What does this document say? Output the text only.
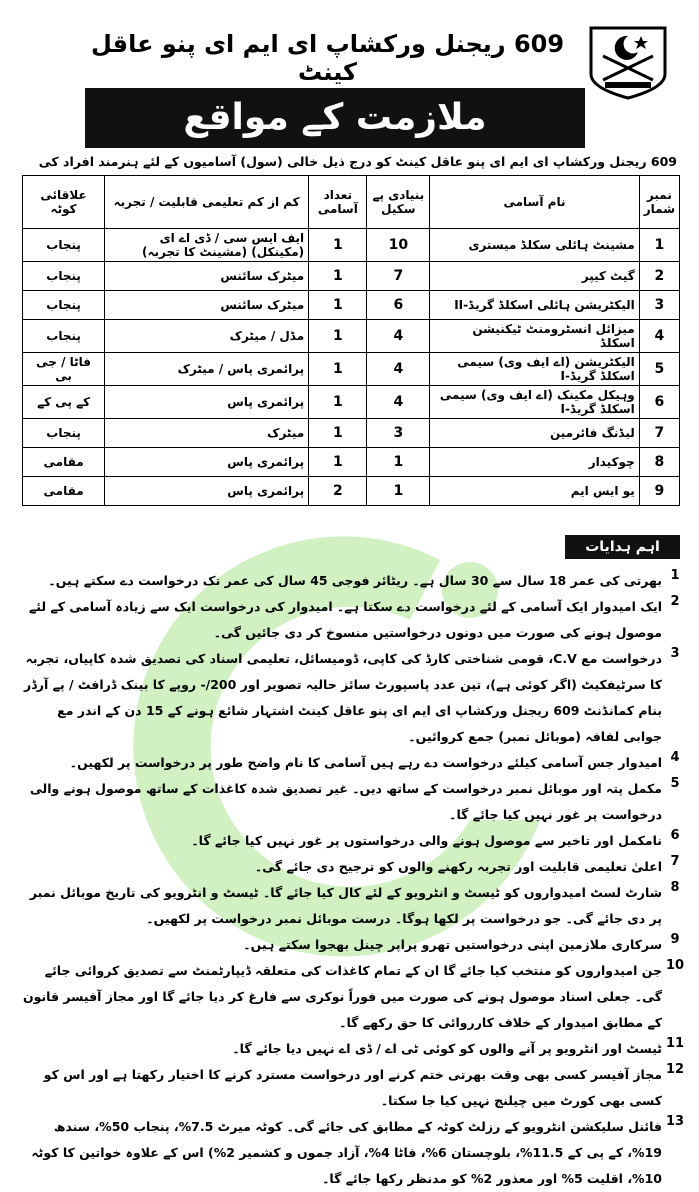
609 ریجنل ورکشاپ ای ایم ای پنو عاقل کینٹ
ملازمت کے مواقع
609 ریجنل ورکشاپ ای ایم ای پنو عاقل کینٹ کو درج ذیل خالی (سول) آسامیوں کے لئے ہنرمند افراد کی
نمبر شمار	نام آسامی	بنیادی پے سکیل	تعداد آسامی	کم از کم تعلیمی قابلیت / تجربہ	علاقائی کوٹہ
1	مشینٹ ہائلی سکلڈ میستری	10	1	ایف ایس سی / ڈی اے ای (مکینکل) (مشینٹ کا تجربہ)	پنجاب
2	گیٹ کیپر	7	1	میٹرک سائنس	پنجاب
3	الیکٹریشن ہائلی اسکلڈ گریڈ-II	6	1	میٹرک سائنس	پنجاب
4	میزائل انسٹرومنٹ ٹیکنیشن اسکلڈ	4	1	مڈل / میٹرک	پنجاب
5	الیکٹریشن (اے ایف وی) سیمی اسکلڈ گریڈ-I	4	1	پرائمری پاس / میٹرک	فاٹا / جی بی
6	وہیکل مکینک (اے ایف وی) سیمی اسکلڈ گریڈ-I	4	1	پرائمری پاس	کے پی کے
7	لیڈنگ فائرمین	3	1	میٹرک	پنجاب
8	چوکیدار	1	1	پرائمری پاس	مقامی
9	یو ایس ایم	1	2	پرائمری پاس	مقامی
اہم ہدایات
1
بھرتی کی عمر 18 سال سے 30 سال ہے۔ ریٹائر فوجی 45 سال کی عمر تک درخواست دے سکتے ہیں۔
2
ایک امیدوار ایک آسامی کے لئے درخواست دے سکتا ہے۔ امیدوار کی درخواست ایک سے زیادہ آسامی کے لئے موصول ہونے کی صورت میں دونوں درخواستیں منسوخ کر دی جائیں گی۔
3
درخواست مع C.V، قومی شناختی کارڈ کی کاپی، ڈومیسائل، تعلیمی اسناد کی تصدیق شدہ کاپیاں، تجربہ کا سرٹیفکیٹ (اگر کوئی ہے)، تین عدد پاسپورٹ سائز حالیہ تصویر اور 200/- روپے کا بینک ڈرافٹ / پے آرڈر بنام کمانڈنٹ 609 ریجنل ورکشاپ ای ایم ای پنو عاقل کینٹ اشتہار شائع ہونے کے 15 دن کے اندر مع جوابی لفافہ (موبائل نمبر) جمع کروائیں۔
4
امیدوار جس آسامی کیلئے درخواست دے رہے ہیں آسامی کا نام واضح طور پر درخواست پر لکھیں۔
5
مکمل پتہ اور موبائل نمبر درخواست کے ساتھ دیں۔ غیر تصدیق شدہ کاغذات کے ساتھ موصول ہونے والی درخواست پر غور نہیں کیا جائے گا۔
6
نامکمل اور تاخیر سے موصول ہونے والی درخواستوں پر غور نہیں کیا جائے گا۔
7
اعلیٰ تعلیمی قابلیت اور تجربہ رکھنے والوں کو ترجیح دی جائے گی۔
8
شارٹ لسٹ امیدواروں کو ٹیسٹ و انٹرویو کے لئے کال کیا جائے گا۔ ٹیسٹ و انٹرویو کی تاریخ موبائل نمبر پر دی جائے گی۔ جو درخواست پر لکھا ہوگا۔ درست موبائل نمبر درخواست پر لکھیں۔
9
سرکاری ملازمین اپنی درخواستیں تھرو پراپر چینل بھجوا سکتے ہیں۔
10
جن امیدواروں کو منتخب کیا جائے گا ان کے تمام کاغذات کی متعلقہ ڈیپارٹمنٹ سے تصدیق کروائی جائے گی۔ جعلی اسناد موصول ہونے کی صورت میں فوراً نوکری سے فارغ کر دیا جائے گا اور مجاز آفیسر قانون کے مطابق امیدوار کے خلاف کارروائی کا حق رکھے گا۔
11
ٹیسٹ اور انٹرویو پر آنے والوں کو کوئی ٹی اے / ڈی اے نہیں دیا جائے گا۔
12
مجاز آفیسر کسی بھی وقت بھرتی ختم کرنے اور درخواست مسترد کرنے کا اختیار رکھتا ہے اور اس کو کسی بھی کورٹ میں چیلنج نہیں کیا جا سکتا۔
13
فائنل سلیکشن انٹرویو کے رزلٹ کوٹہ کے مطابق کی جائے گی۔ کوٹہ میرٹ 7.5%، پنجاب 50%، سندھ 19%، کے پی کے 11.5%، بلوچستان 6%، فاٹا 4%، آزاد جموں و کشمیر 2%) اس کے علاوہ خواتین کا کوٹہ 10%، اقلیت 5% اور معذور 2% کو مدنظر رکھا جائے گا۔
